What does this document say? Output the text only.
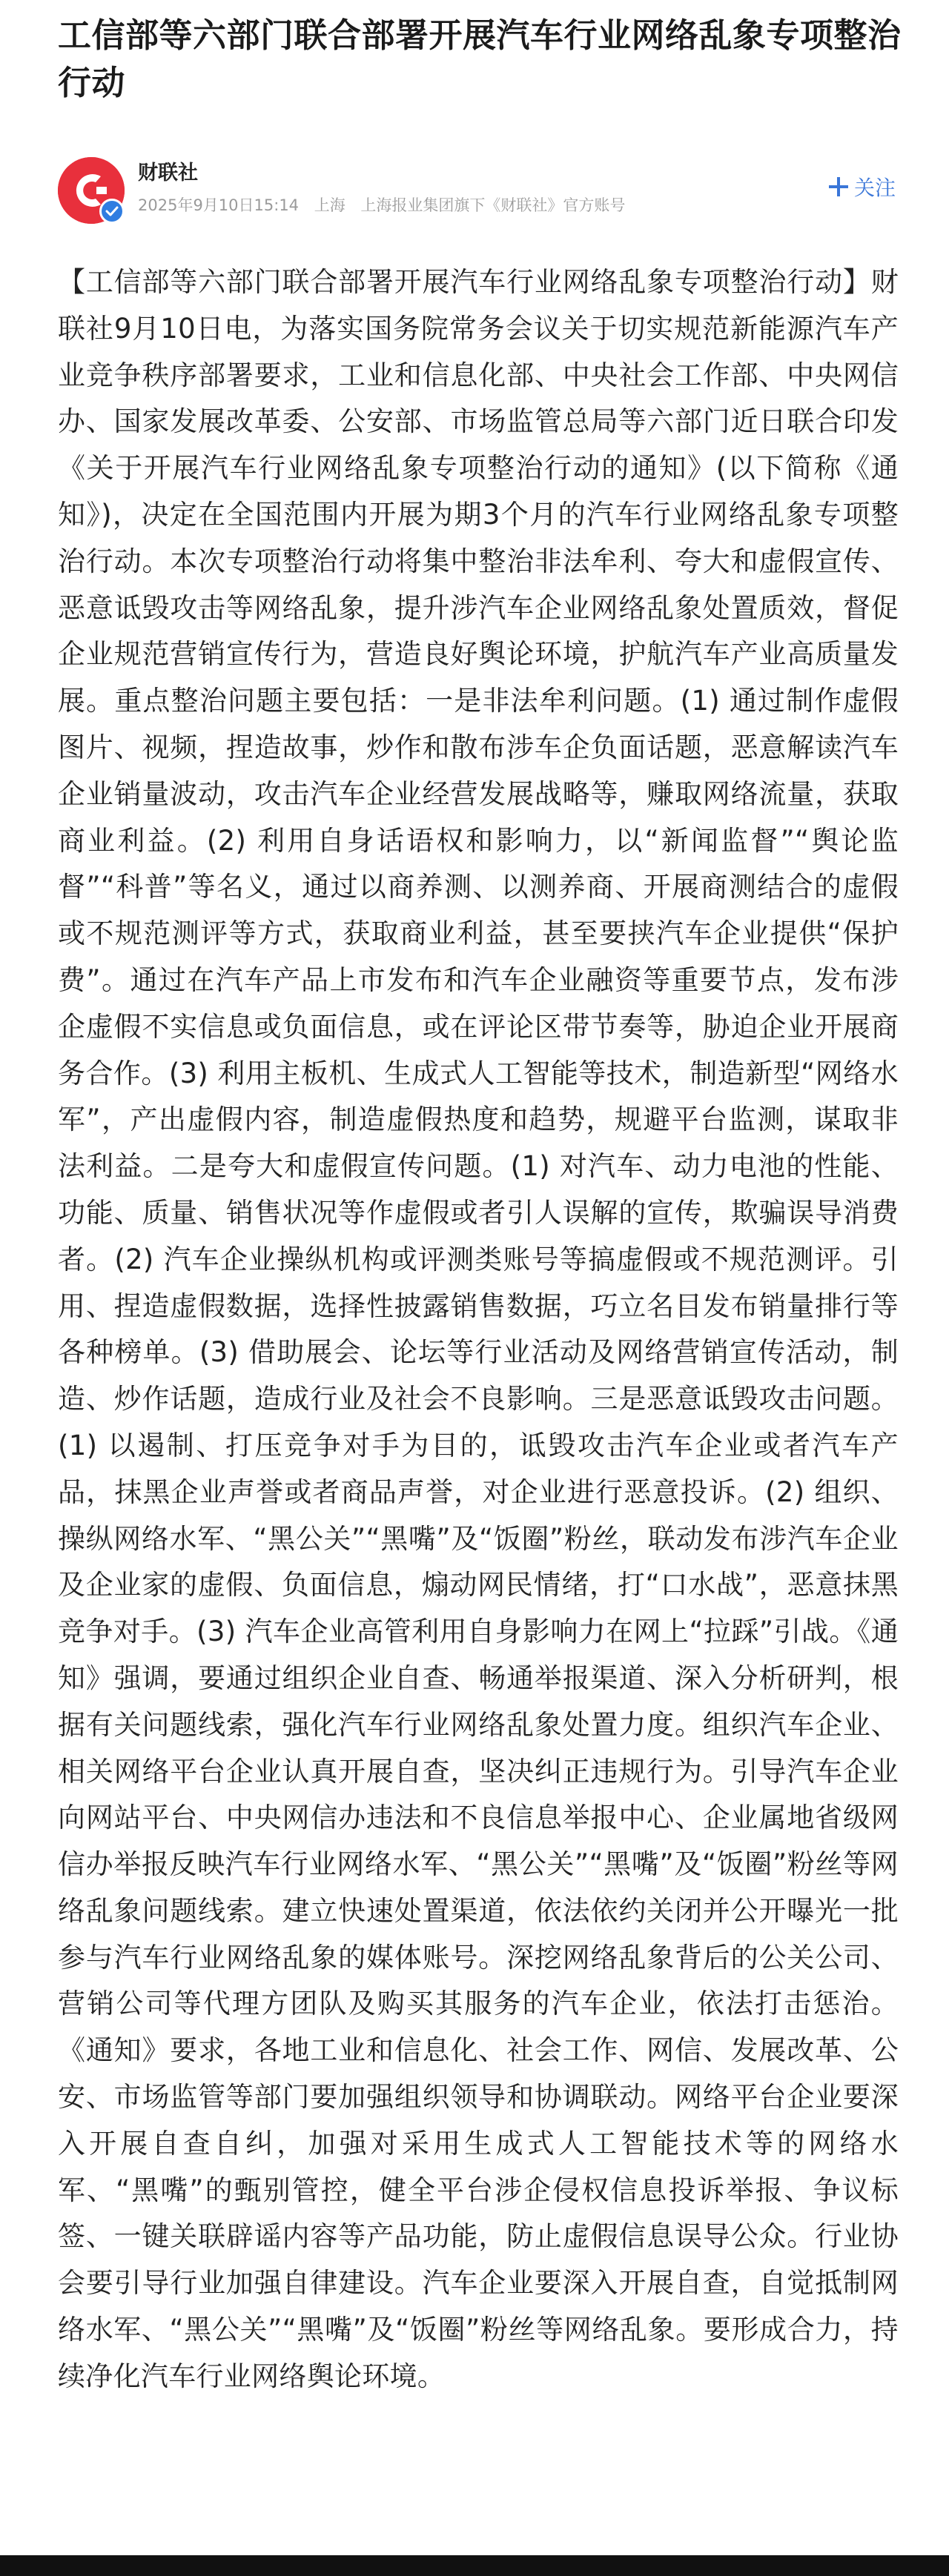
工信部等六部门联合部署开展汽车行业网络乱象专项整治行动
财联社
2025年9月10日15:14 上海 上海报业集团旗下《财联社》官方账号
关注

【工信部等六部门联合部署开展汽车行业网络乱象专项整治行动】财联社9月10日电，为落实国务院常务会议关于切实规范新能源汽车产业竞争秩序部署要求，工业和信息化部、中央社会工作部、中央网信办、国家发展改革委、公安部、市场监管总局等六部门近日联合印发《关于开展汽车行业网络乱象专项整治行动的通知》(以下简称《通知》)，决定在全国范围内开展为期3个月的汽车行业网络乱象专项整治行动。本次专项整治行动将集中整治非法牟利、夸大和虚假宣传、恶意诋毁攻击等网络乱象，提升涉汽车企业网络乱象处置质效，督促企业规范营销宣传行为，营造良好舆论环境，护航汽车产业高质量发展。重点整治问题主要包括：一是非法牟利问题。(1) 通过制作虚假图片、视频，捏造故事，炒作和散布涉车企负面话题，恶意解读汽车企业销量波动，攻击汽车企业经营发展战略等，赚取网络流量，获取商业利益。(2) 利用自身话语权和影响力，以“新闻监督”“舆论监督”“科普”等名义，通过以商养测、以测养商、开展商测结合的虚假或不规范测评等方式，获取商业利益，甚至要挟汽车企业提供“保护费”。通过在汽车产品上市发布和汽车企业融资等重要节点，发布涉企虚假不实信息或负面信息，或在评论区带节奏等，胁迫企业开展商务合作。(3) 利用主板机、生成式人工智能等技术，制造新型“网络水军”，产出虚假内容，制造虚假热度和趋势，规避平台监测，谋取非法利益。二是夸大和虚假宣传问题。(1) 对汽车、动力电池的性能、功能、质量、销售状况等作虚假或者引人误解的宣传，欺骗误导消费者。(2) 汽车企业操纵机构或评测类账号等搞虚假或不规范测评。引用、捏造虚假数据，选择性披露销售数据，巧立名目发布销量排行等各种榜单。(3) 借助展会、论坛等行业活动及网络营销宣传活动，制造、炒作话题，造成行业及社会不良影响。三是恶意诋毁攻击问题。(1) 以遏制、打压竞争对手为目的，诋毁攻击汽车企业或者汽车产品，抹黑企业声誉或者商品声誉，对企业进行恶意投诉。(2) 组织、操纵网络水军、“黑公关”“黑嘴”及“饭圈”粉丝，联动发布涉汽车企业及企业家的虚假、负面信息，煽动网民情绪，打“口水战”，恶意抹黑竞争对手。(3) 汽车企业高管利用自身影响力在网上“拉踩”引战。《通知》强调，要通过组织企业自查、畅通举报渠道、深入分析研判，根据有关问题线索，强化汽车行业网络乱象处置力度。组织汽车企业、相关网络平台企业认真开展自查，坚决纠正违规行为。引导汽车企业向网站平台、中央网信办违法和不良信息举报中心、企业属地省级网信办举报反映汽车行业网络水军、“黑公关”“黑嘴”及“饭圈”粉丝等网络乱象问题线索。建立快速处置渠道，依法依约关闭并公开曝光一批参与汽车行业网络乱象的媒体账号。深挖网络乱象背后的公关公司、营销公司等代理方团队及购买其服务的汽车企业，依法打击惩治。《通知》要求，各地工业和信息化、社会工作、网信、发展改革、公安、市场监管等部门要加强组织领导和协调联动。网络平台企业要深入开展自查自纠，加强对采用生成式人工智能技术等的网络水军、“黑嘴”的甄别管控，健全平台涉企侵权信息投诉举报、争议标签、一键关联辟谣内容等产品功能，防止虚假信息误导公众。行业协会要引导行业加强自律建设。汽车企业要深入开展自查，自觉抵制网络水军、“黑公关”“黑嘴”及“饭圈”粉丝等网络乱象。要形成合力，持续净化汽车行业网络舆论环境。
